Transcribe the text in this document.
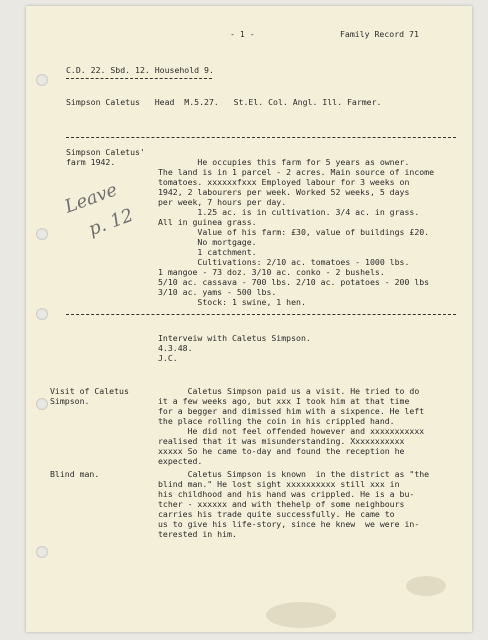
- 1 -	Family Record 71
C.D. 22. Sbd. 12. Household 9.
Simpson Caletus   Head  M.5.27.   St.El. Col. Angl. Ill. Farmer.
Simpson Caletus'
farm 1942.	He occupies this farm for 5 years as owner.
The land is in 1 parcel - 2 acres. Main source of income
tomatoes. xxxxxxfxxx Employed labour for 3 weeks on
1942, 2 labourers per week. Worked 52 weeks, 5 days
per week, 7 hours per day.
1.25 ac. is in cultivation. 3/4 ac. in grass.
All in guinea grass.
Value of his farm: £30, value of buildings £20.
No mortgage.
1 catchment.
Cultivations: 2/10 ac. tomatoes - 1000 lbs.
1 mangoe - 73 doz. 3/10 ac. conko - 2 bushels.
5/10 ac. cassava - 700 lbs. 2/10 ac. potatoes - 200 lbs
3/10 ac. yams - 500 lbs.
Stock: 1 swine, 1 hen.
Leave
p. 12
Interveiw with Caletus Simpson.
4.3.48.
J.C.
Visit of Caletus
Simpson.
Caletus Simpson paid us a visit. He tried to do
it a few weeks ago, but xxx I took him at that time
for a begger and dimissed him with a sixpence. He left
the place rolling the coin in his crippled hand.
He did not feel offended however and xxxxxxxxxxx
realised that it was misunderstanding. Xxxxxxxxxxx
xxxxx So he came to-day and found the reception he
expected.
Blind man.	Caletus Simpson is known  in the district as "the
blind man." He lost sight xxxxxxxxxx still xxx in
his childhood and his hand was crippled. He is a bu-
tcher - xxxxxx and with thehelp of some neighbours
carries his trade quite successfully. He came to
us to give his life-story, since he knew  we were in-
terested in him.
